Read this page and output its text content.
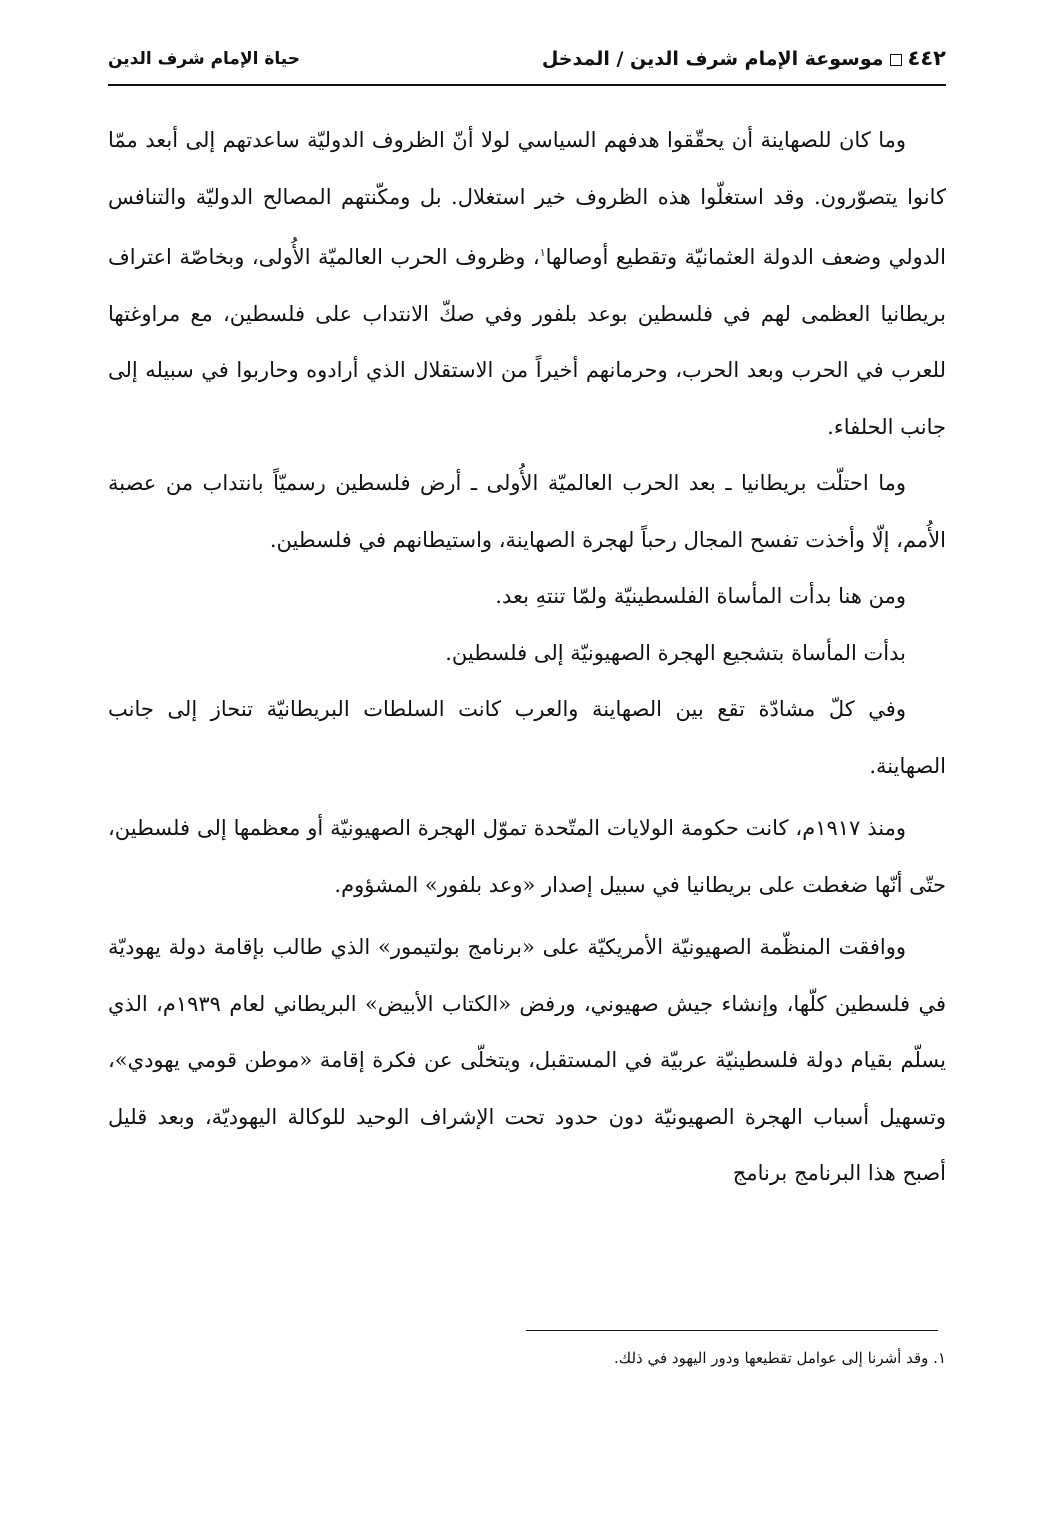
٤٤٢موسوعة الإمام شرف الدين / المدخل
حياة الإمام شرف الدين

وما كان للصهاينة أن يحقّقوا هدفهم السياسي لولا أنّ الظروف الدوليّة ساعدتهم إلى أبعد ممّا كانوا يتصوّرون. وقد استغلّوا هذه الظروف خير استغلال. بل ومكّنتهم المصالح الدوليّة والتنافس الدولي وضعف الدولة العثمانيّة وتقطيع أوصالها$^١$، وظروف الحرب العالميّة الأُولى، وبخاصّة اعتراف بريطانيا العظمى لهم في فلسطين بوعد بلفور وفي صكّ الانتداب على فلسطين، مع مراوغتها للعرب في الحرب وبعد الحرب، وحرمانهم أخيراً من الاستقلال الذي أرادوه وحاربوا في سبيله إلى جانب الحلفاء.

وما احتلّت بريطانيا ـ بعد الحرب العالميّة الأُولى ـ أرض فلسطين رسميّاً بانتداب من عصبة الأُمم، إلّا وأخذت تفسح المجال رحباً لهجرة الصهاينة، واستيطانهم في فلسطين.

ومن هنا بدأت المأساة الفلسطينيّة ولمّا تنتهِ بعد.

بدأت المأساة بتشجيع الهجرة الصهيونيّة إلى فلسطين.

وفي كلّ مشادّة تقع بين الصهاينة والعرب كانت السلطات البريطانيّة تنحاز إلى جانب الصهاينة.

ومنذ ١٩١٧م، كانت حكومة الولايات المتّحدة تموّل الهجرة الصهيونيّة أو معظمها إلى فلسطين، حتّى أنّها ضغطت على بريطانيا في سبيل إصدار «وعد بلفور» المشؤوم.

ووافقت المنظّمة الصهيونيّة الأمريكيّة على «برنامج بولتيمور» الذي طالب بإقامة دولة يهوديّة في فلسطين كلّها، وإنشاء جيش صهيوني، ورفض «الكتاب الأبيض» البريطاني لعام ١٩٣٩م، الذي يسلّم بقيام دولة فلسطينيّة عربيّة في المستقبل، ويتخلّى عن فكرة إقامة «موطن قومي يهودي»، وتسهيل أسباب الهجرة الصهيونيّة دون حدود تحت الإشراف الوحيد للوكالة اليهوديّة، وبعد قليل أصبح هذا البرنامج برنامج

١. وقد أشرنا إلى عوامل تقطيعها ودور اليهود في ذلك.
